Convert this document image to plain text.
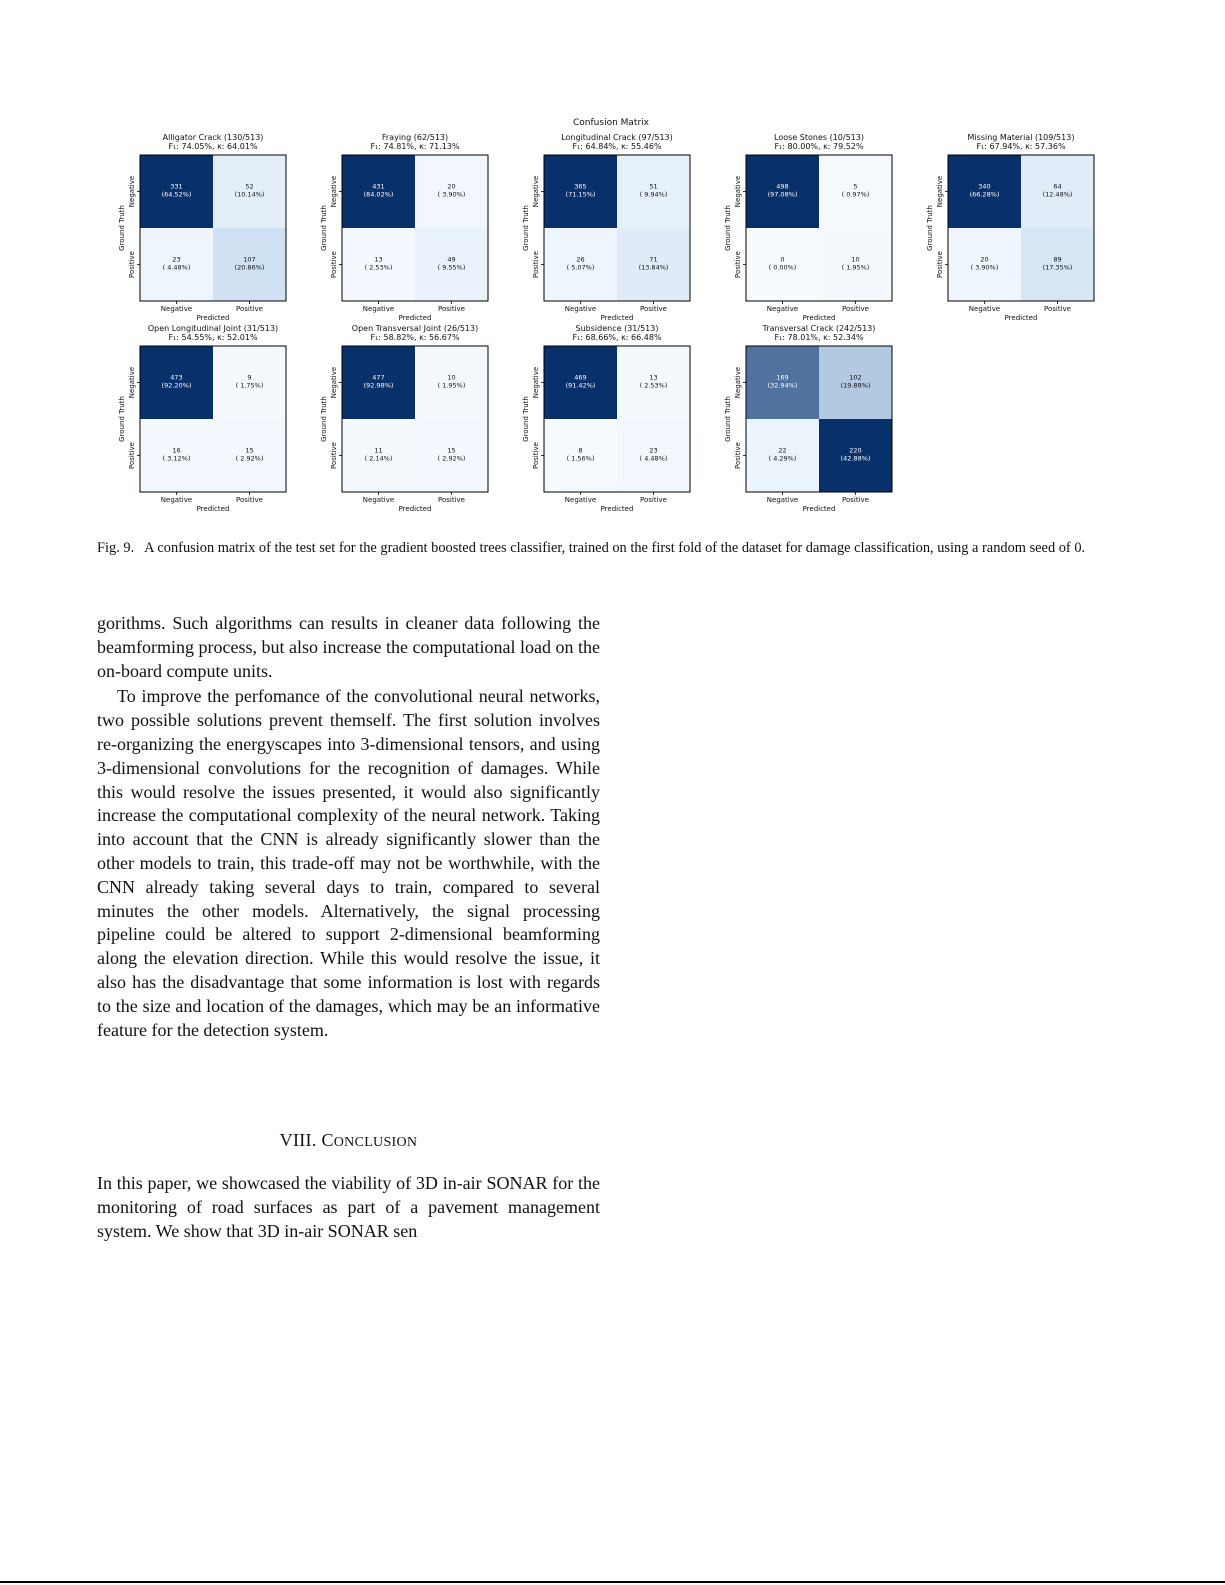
Confusion Matrix
Alligator Crack (130/513)
F₁: 74.05%, κ: 64.01%
331
(64.52%)
52
(10.14%)
23
( 4.48%)
107
(20.86%)
Negative
Negative
Positive
Positive
Predicted
Ground Truth
Fraying (62/513)
F₁: 74.81%, κ: 71.13%
431
(84.02%)
20
( 3.90%)
13
( 2.53%)
49
( 9.55%)
Negative
Negative
Positive
Positive
Predicted
Ground Truth
Longitudinal Crack (97/513)
F₁: 64.84%, κ: 55.46%
365
(71.15%)
51
( 9.94%)
26
( 5.07%)
71
(13.84%)
Negative
Negative
Positive
Positive
Predicted
Ground Truth
Loose Stones (10/513)
F₁: 80.00%, κ: 79.52%
498
(97.08%)
5
( 0.97%)
0
( 0.00%)
10
( 1.95%)
Negative
Negative
Positive
Positive
Predicted
Ground Truth
Missing Material (109/513)
F₁: 67.94%, κ: 57.36%
340
(66.28%)
64
(12.48%)
20
( 3.90%)
89
(17.35%)
Negative
Negative
Positive
Positive
Predicted
Ground Truth
Open Longitudinal Joint (31/513)
F₁: 54.55%, κ: 52.01%
473
(92.20%)
9
( 1.75%)
16
( 3.12%)
15
( 2.92%)
Negative
Negative
Positive
Positive
Predicted
Ground Truth
Open Transversal Joint (26/513)
F₁: 58.82%, κ: 56.67%
477
(92.98%)
10
( 1.95%)
11
( 2.14%)
15
( 2.92%)
Negative
Negative
Positive
Positive
Predicted
Ground Truth
Subsidence (31/513)
F₁: 68.66%, κ: 66.48%
469
(91.42%)
13
( 2.53%)
8
( 1.56%)
23
( 4.48%)
Negative
Negative
Positive
Positive
Predicted
Ground Truth
Transversal Crack (242/513)
F₁: 78.01%, κ: 52.34%
169
(32.94%)
102
(19.88%)
22
( 4.29%)
220
(42.88%)
Negative
Negative
Positive
Positive
Predicted
Ground Truth
Fig. 9.  A confusion matrix of the test set for the gradient boosted trees classifier, trained on the first fold of the dataset for damage classification, using a random seed of 0.

gorithms. Such algorithms can results in cleaner data following the beamforming process, but also increase the computational load on the on-board compute units.

To improve the perfomance of the convolutional neural networks, two possible solutions prevent themself. The first solution involves re-organizing the energyscapes into 3-dimensional tensors, and using 3-dimensional convolutions for the recognition of damages. While this would resolve the issues presented, it would also significantly increase the computational complexity of the neural network. Taking into account that the CNN is already significantly slower than the other models to train, this trade-off may not be worthwhile, with the CNN already taking several days to train, compared to several minutes the other models. Alternatively, the signal processing pipeline could be altered to support 2-dimensional beamforming along the elevation direction. While this would resolve the issue, it also has the disadvantage that some information is lost with regards to the size and location of the damages, which may be an informative feature for the detection system.

VIII. CONCLUSION

In this paper, we showcased the viability of 3D in-air SONAR for the monitoring of road surfaces as part of a pavement management system. We show that 3D in-air SONAR sen
